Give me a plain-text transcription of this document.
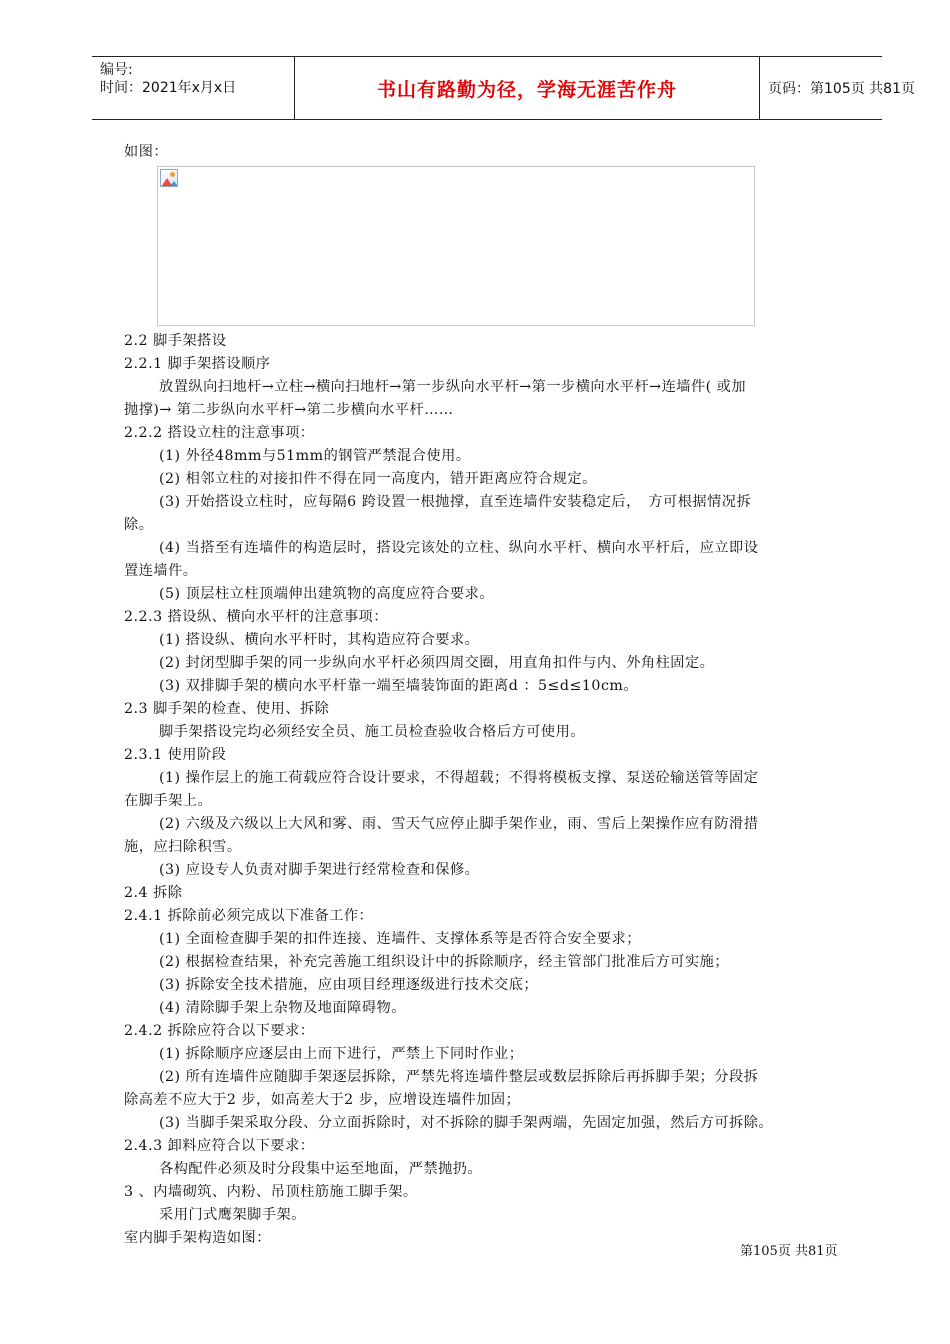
编号:
时间：2021年x月x日	书山有路勤为径，学海无涯苦作舟	页码：第105页 共81页

如图：

2.2 脚手架搭设

2.2.1 脚手架搭设顺序

放置纵向扫地杆→立柱→横向扫地杆→第一步纵向水平杆→第一步横向水平杆→连墙件( 或加

抛撑)→ 第二步纵向水平杆→第二步横向水平杆……

2.2.2 搭设立柱的注意事项：

(1) 外径48mm与51mm的钢管严禁混合使用。

(2) 相邻立柱的对接扣件不得在同一高度内，错开距离应符合规定。

(3) 开始搭设立柱时，应每隔6 跨设置一根抛撑，直至连墙件安装稳定后，　方可根据情况拆

除。

(4) 当搭至有连墙件的构造层时，搭设完该处的立柱、纵向水平杆、横向水平杆后，应立即设

置连墙件。

(5) 顶层柱立柱顶端伸出建筑物的高度应符合要求。

2.2.3 搭设纵、横向水平杆的注意事项：

(1) 搭设纵、横向水平杆时，其构造应符合要求。

(2) 封闭型脚手架的同一步纵向水平杆必须四周交圈，用直角扣件与内、外角柱固定。

(3) 双排脚手架的横向水平杆靠一端至墙装饰面的距离d ：5≤d≤10cm。

2.3 脚手架的检查、使用、拆除

脚手架搭设完均必须经安全员、施工员检查验收合格后方可使用。

2.3.1 使用阶段

(1) 操作层上的施工荷载应符合设计要求，不得超载；不得将模板支撑、泵送砼输送管等固定

在脚手架上。

(2) 六级及六级以上大风和雾、雨、雪天气应停止脚手架作业，雨、雪后上架操作应有防滑措

施，应扫除积雪。

(3) 应设专人负责对脚手架进行经常检查和保修。

2.4 拆除

2.4.1 拆除前必须完成以下准备工作：

(1) 全面检查脚手架的扣件连接、连墙件、支撑体系等是否符合安全要求；

(2) 根据检查结果，补充完善施工组织设计中的拆除顺序，经主管部门批准后方可实施；

(3) 拆除安全技术措施，应由项目经理逐级进行技术交底；

(4) 清除脚手架上杂物及地面障碍物。

2.4.2 拆除应符合以下要求：

(1) 拆除顺序应逐层由上而下进行，严禁上下同时作业；

(2) 所有连墙件应随脚手架逐层拆除，严禁先将连墙件整层或数层拆除后再拆脚手架；分段拆

除高差不应大于2 步，如高差大于2 步，应增设连墙件加固；

(3) 当脚手架采取分段、分立面拆除时，对不拆除的脚手架两端，先固定加强，然后方可拆除。

2.4.3 卸料应符合以下要求：

各构配件必须及时分段集中运至地面，严禁抛扔。

3 、内墙砌筑、内粉、吊顶柱筋施工脚手架。

采用门式鹰架脚手架。

室内脚手架构造如图：

第105页 共81页
